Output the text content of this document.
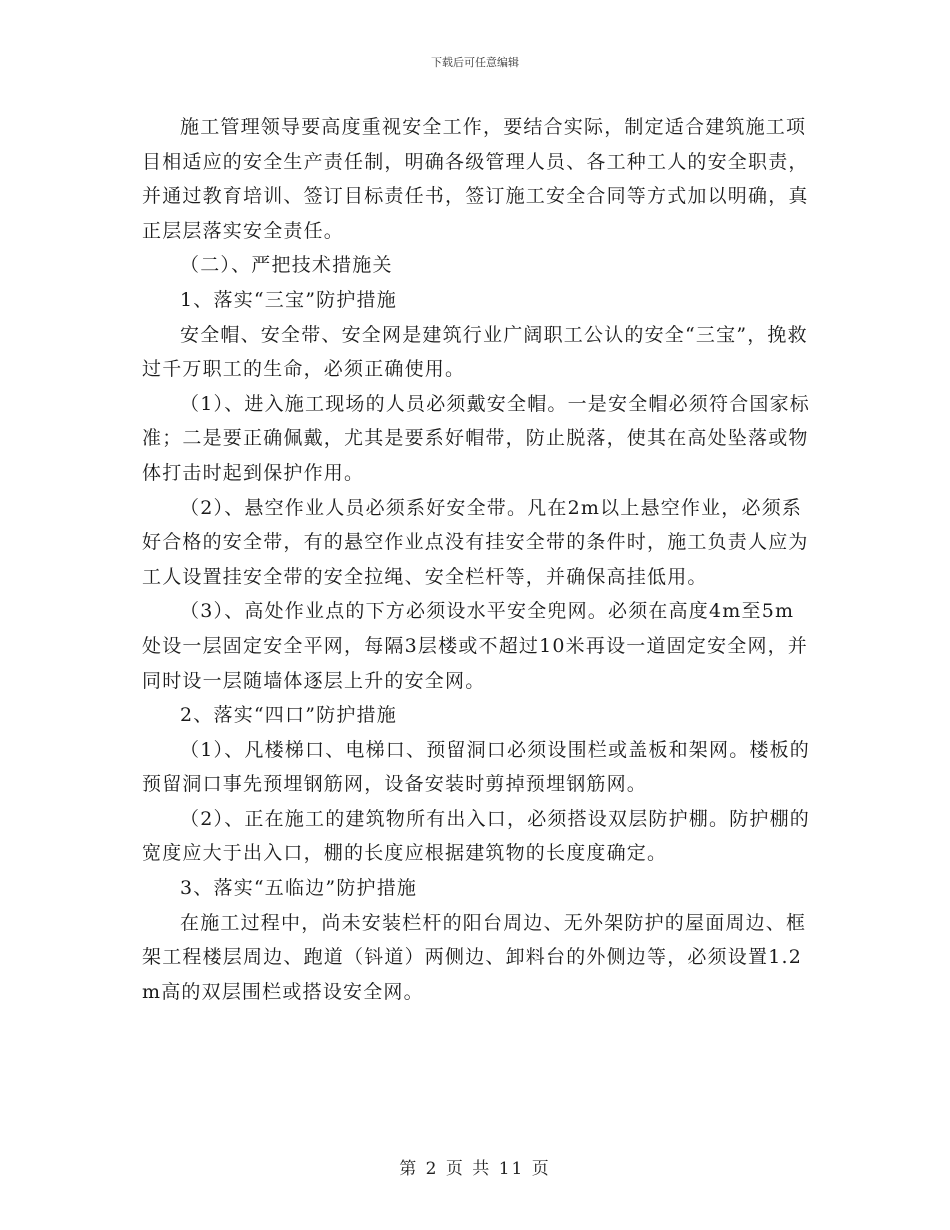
下载后可任意编辑

施工管理领导要高度重视安全工作，要结合实际，制定适合建筑施工项目相适应的安全生产责任制，明确各级管理人员、各工种工人的安全职责，并通过教育培训、签订目标责任书，签订施工安全合同等方式加以明确，真正层层落实安全责任。

（二）、严把技术措施关

1、落实“三宝”防护措施

安全帽、安全带、安全网是建筑行业广阔职工公认的安全“三宝”，挽救过千万职工的生命，必须正确使用。

（1）、进入施工现场的人员必须戴安全帽。一是安全帽必须符合国家标准；二是要正确佩戴，尤其是要系好帽带，防止脱落，使其在高处坠落或物体打击时起到保护作用。

（2）、悬空作业人员必须系好安全带。凡在2m以上悬空作业，必须系好合格的安全带，有的悬空作业点没有挂安全带的条件时，施工负责人应为工人设置挂安全带的安全拉绳、安全栏杆等，并确保高挂低用。

（3）、高处作业点的下方必须设水平安全兜网。必须在高度4m至5m处设一层固定安全平网，每隔3层楼或不超过10米再设一道固定安全网，并同时设一层随墙体逐层上升的安全网。

2、落实“四口”防护措施

（1）、凡楼梯口、电梯口、预留洞口必须设围栏或盖板和架网。楼板的预留洞口事先预埋钢筋网，设备安装时剪掉预埋钢筋网。

（2）、正在施工的建筑物所有出入口，必须搭设双层防护棚。防护棚的宽度应大于出入口，棚的长度应根据建筑物的长度度确定。

3、落实“五临边”防护措施

在施工过程中，尚未安装栏杆的阳台周边、无外架防护的屋面周边、框架工程楼层周边、跑道（钭道）两侧边、卸料台的外侧边等，必须设置1.2m高的双层围栏或搭设安全网。

第 2 页 共 11 页
